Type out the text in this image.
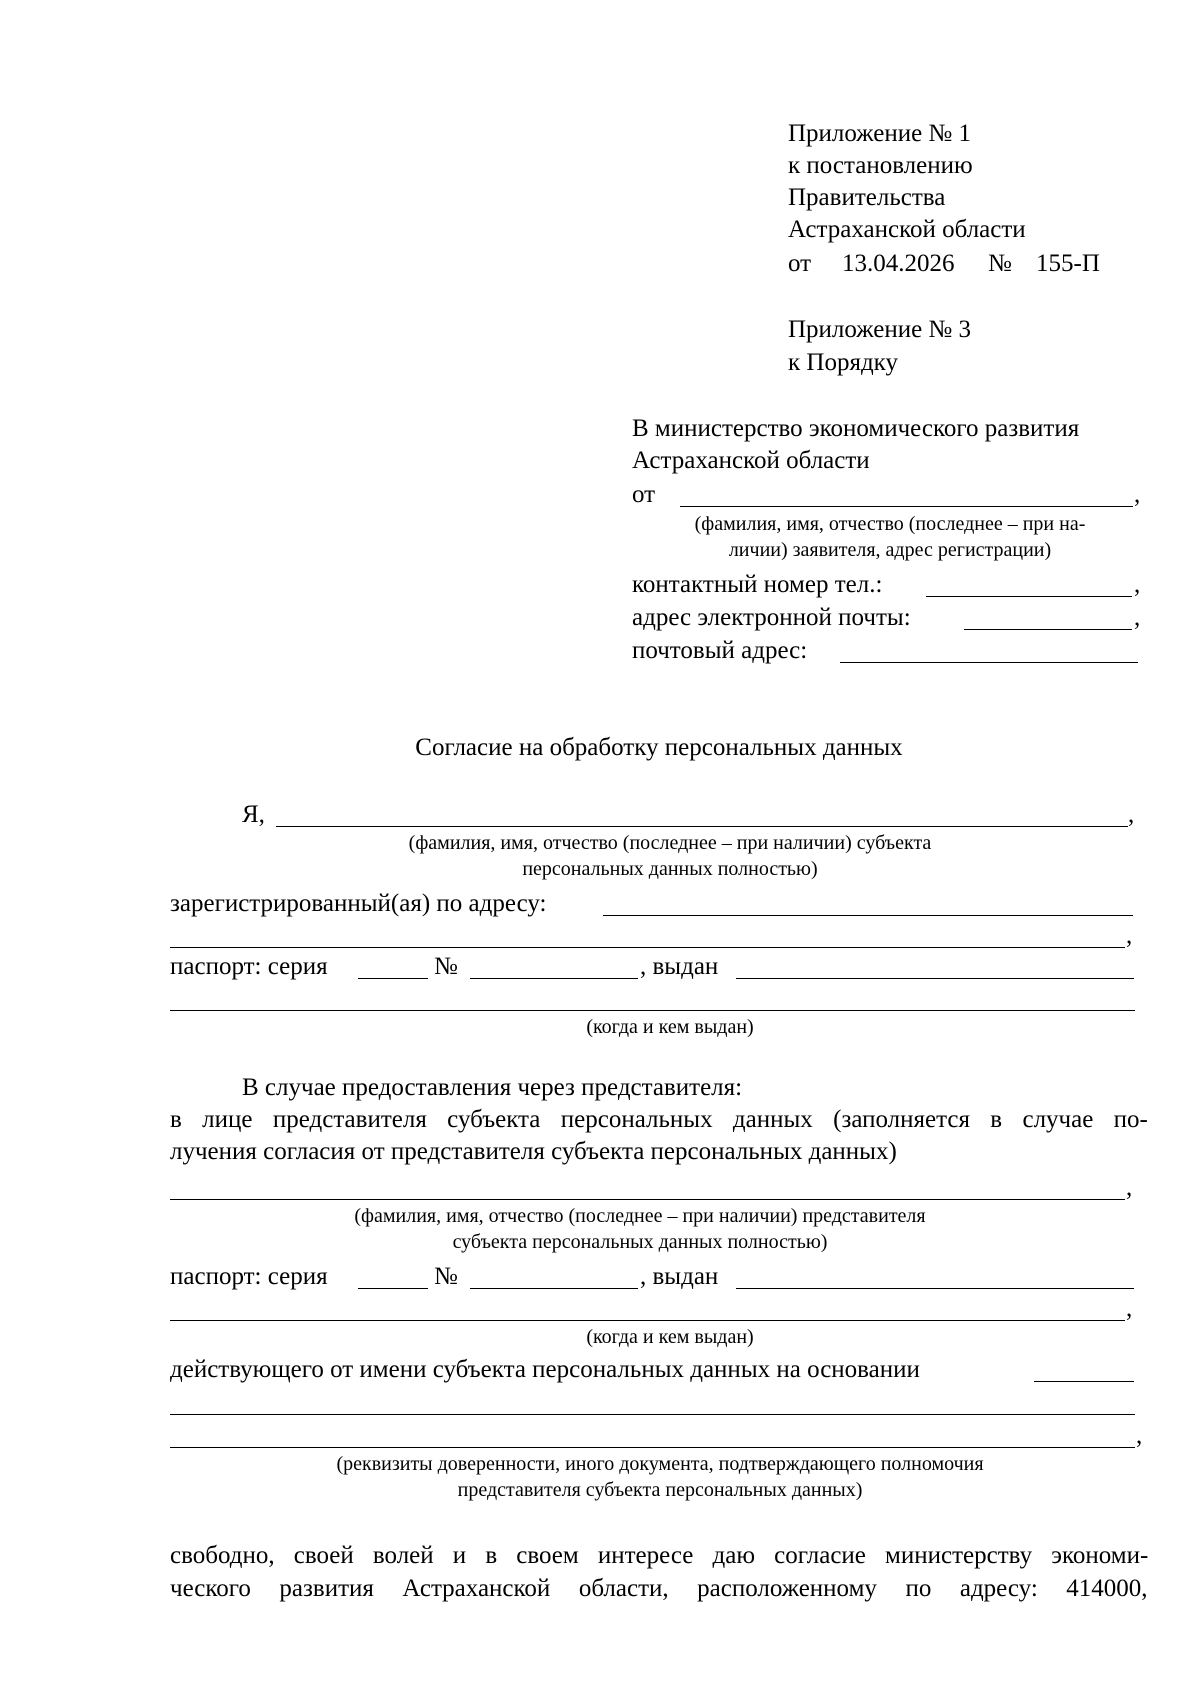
Приложение № 1
к постановлению
Правительства
Астраханской области
от 13.04.2026 № 155-П
Приложение № 3
к Порядку
В министерство экономического развития
Астраханской области
от	,
(фамилия, имя, отчество (последнее – при на-
личии) заявителя, адрес регистрации)
контактный номер тел.:	,
адрес электронной почты:	,
почтовый адрес:
Согласие на обработку персональных данных
Я,	,
(фамилия, имя, отчество (последнее – при наличии) субъекта
персональных данных полностью)
зарегистрированный(ая) по адресу:
,
паспорт: серия	№	, выдан
(когда и кем выдан)
В случае предоставления через представителя:
в лице представителя субъекта персональных данных (заполняется в случае по-
лучения согласия от представителя субъекта персональных данных)
,
(фамилия, имя, отчество (последнее – при наличии) представителя
субъекта персональных данных полностью)
паспорт: серия	№	, выдан
,
(когда и кем выдан)
действующего от имени субъекта персональных данных на основании
,
(реквизиты доверенности, иного документа, подтверждающего полномочия
представителя субъекта персональных данных)
свободно, своей волей и в своем интересе даю согласие министерству экономи-
ческого развития Астраханской области, расположенному по адресу: 414000,
